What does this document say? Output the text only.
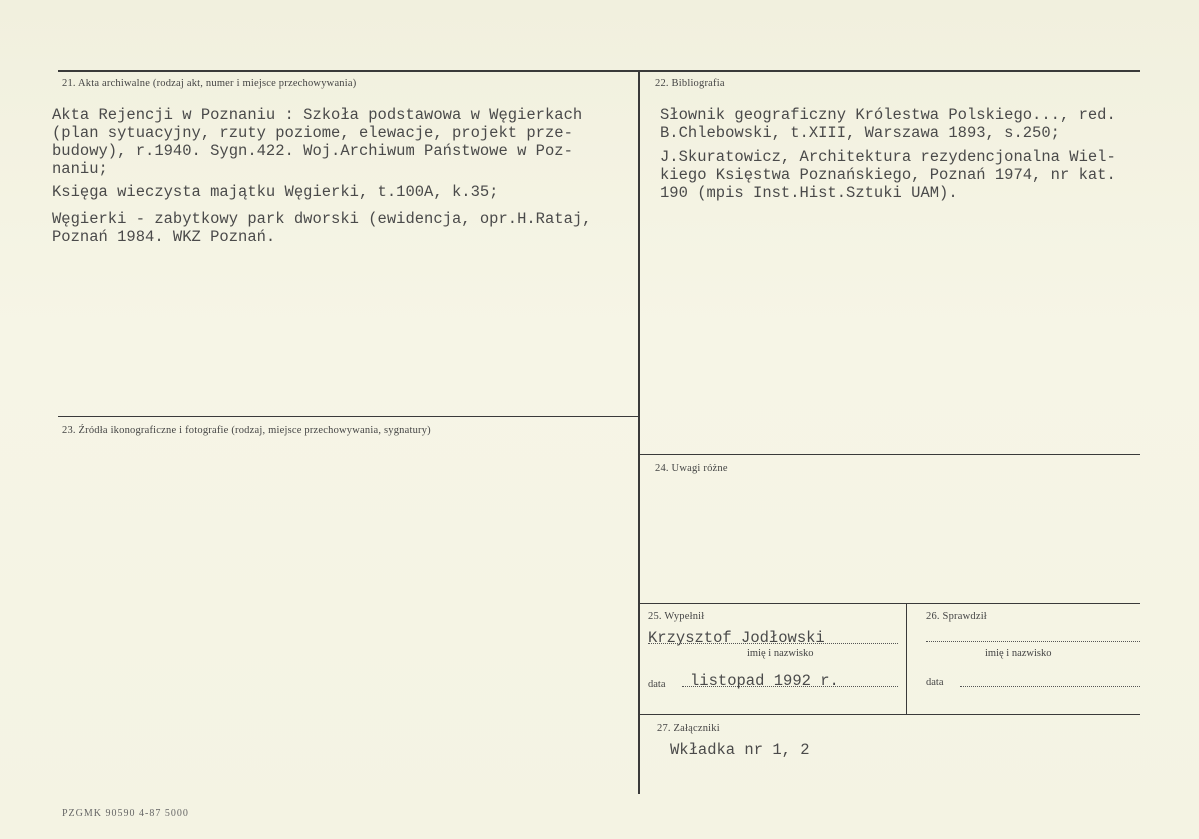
21. Akta archiwalne (rodzaj akt, numer i miejsce przechowywania)
Akta Rejencji w Poznaniu : Szkoła podstawowa w Węgierkach
(plan sytuacyjny, rzuty poziome, elewacje, projekt prze-
budowy), r.1940. Sygn.422. Woj.Archiwum Państwowe w Poz-
naniu;
Księga wieczysta majątku Węgierki, t.100A, k.35;
Węgierki - zabytkowy park dworski (ewidencja, opr.H.Rataj,
Poznań 1984. WKZ Poznań.
22. Bibliografia
Słownik geograficzny Królestwa Polskiego..., red.
B.Chlebowski, t.XIII, Warszawa 1893, s.250;
J.Skuratowicz, Architektura rezydencjonalna Wiel-
kiego Księstwa Poznańskiego, Poznań 1974, nr kat.
190 (mpis Inst.Hist.Sztuki UAM).
23. Źródła ikonograficzne i fotografie (rodzaj, miejsce przechowywania, sygnatury)
24. Uwagi różne
25. Wypełnił
Krzysztof Jodłowski
imię i nazwisko
data listopad 1992 r.
26. Sprawdził
imię i nazwisko
data
27. Załączniki
Wkładka nr 1, 2
PZGMK 90590 4-87 5000
